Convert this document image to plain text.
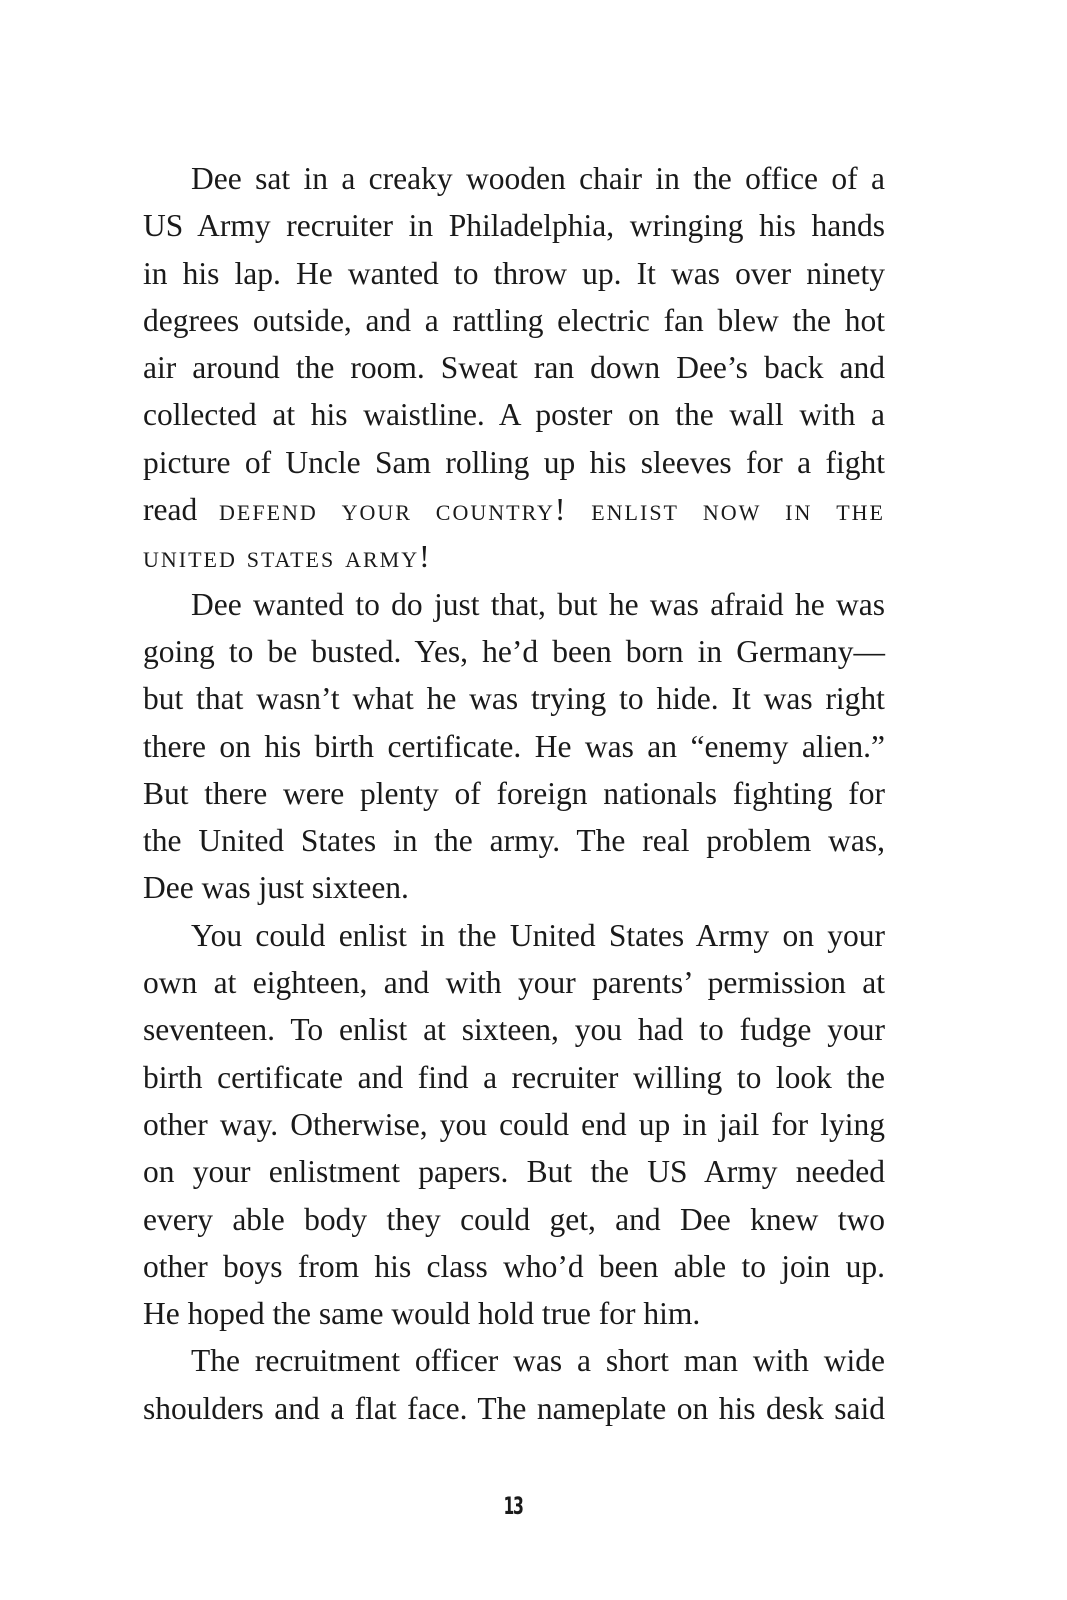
Dee sat in a creaky wooden chair in the office of a
US Army recruiter in Philadelphia, wringing his hands
in his lap. He wanted to throw up. It was over ninety
degrees outside, and a rattling electric fan blew the hot
air around the room. Sweat ran down Dee’s back and
collected at his waistline. A poster on the wall with a
picture of Uncle Sam rolling up his sleeves for a fight
read defend your country! enlist now in the
united states army!

Dee wanted to do just that, but he was afraid he was
going to be busted. Yes, he’d been born in Germany—
but that wasn’t what he was trying to hide. It was right
there on his birth certificate. He was an “enemy alien.”
But there were plenty of foreign nationals fighting for
the United States in the army. The real problem was,
Dee was just sixteen.

You could enlist in the United States Army on your
own at eighteen, and with your parents’ permission at
seventeen. To enlist at sixteen, you had to fudge your
birth certificate and find a recruiter willing to look the
other way. Otherwise, you could end up in jail for lying
on your enlistment papers. But the US Army needed
every able body they could get, and Dee knew two
other boys from his class who’d been able to join up.
He hoped the same would hold true for him.

The recruitment officer was a short man with wide
shoulders and a flat face. The nameplate on his desk said

13
